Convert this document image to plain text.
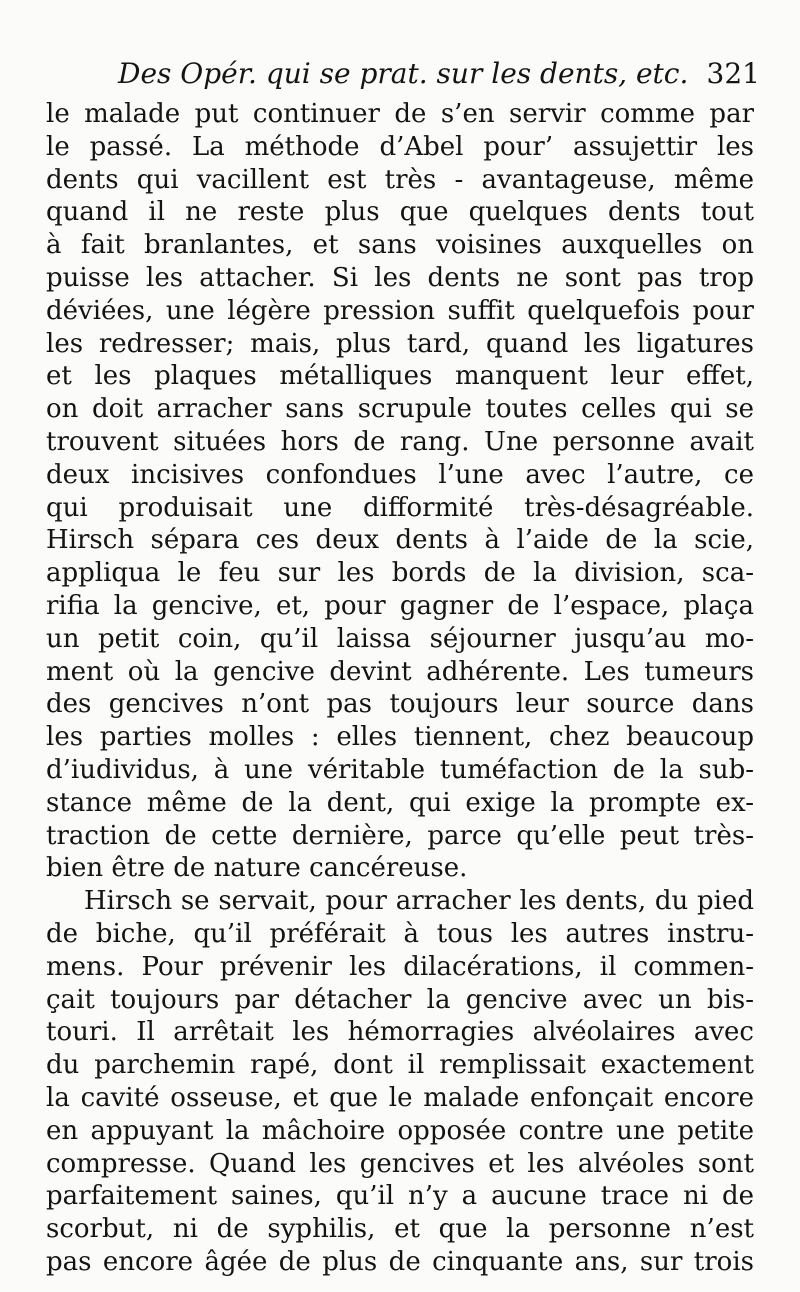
Des Opér. qui se prat. sur les dents, etc. 321
le malade put continuer de s’en servir comme par
le passé. La méthode d’Abel pour’ assujettir les
dents qui vacillent est très - avantageuse, même
quand il ne reste plus que quelques dents tout
à fait branlantes, et sans voisines auxquelles on
puisse les attacher. Si les dents ne sont pas trop
déviées, une légère pression suffit quelquefois pour
les redresser; mais, plus tard, quand les ligatures
et les plaques métalliques manquent leur effet,
on doit arracher sans scrupule toutes celles qui se
trouvent situées hors de rang. Une personne avait
deux incisives confondues l’une avec l’autre, ce
qui produisait une difformité très-désagréable.
Hirsch sépara ces deux dents à l’aide de la scie,
appliqua le feu sur les bords de la division, sca-
rifia la gencive, et, pour gagner de l’espace, plaça
un petit coin, qu’il laissa séjourner jusqu’au mo-
ment où la gencive devint adhérente. Les tumeurs
des gencives n’ont pas toujours leur source dans
les parties molles : elles tiennent, chez beaucoup
d’iudividus, à une véritable tuméfaction de la sub-
stance même de la dent, qui exige la prompte ex-
traction de cette dernière, parce qu’elle peut très-
bien être de nature cancéreuse.
Hirsch se servait, pour arracher les dents, du pied
de biche, qu’il préférait à tous les autres instru-
mens. Pour prévenir les dilacérations, il commen-
çait toujours par détacher la gencive avec un bis-
touri. Il arrêtait les hémorragies alvéolaires avec
du parchemin rapé, dont il remplissait exactement
la cavité osseuse, et que le malade enfonçait encore
en appuyant la mâchoire opposée contre une petite
compresse. Quand les gencives et les alvéoles sont
parfaitement saines, qu’il n’y a aucune trace ni de
scorbut, ni de syphilis, et que la personne n’est
pas encore âgée de plus de cinquante ans, sur trois
